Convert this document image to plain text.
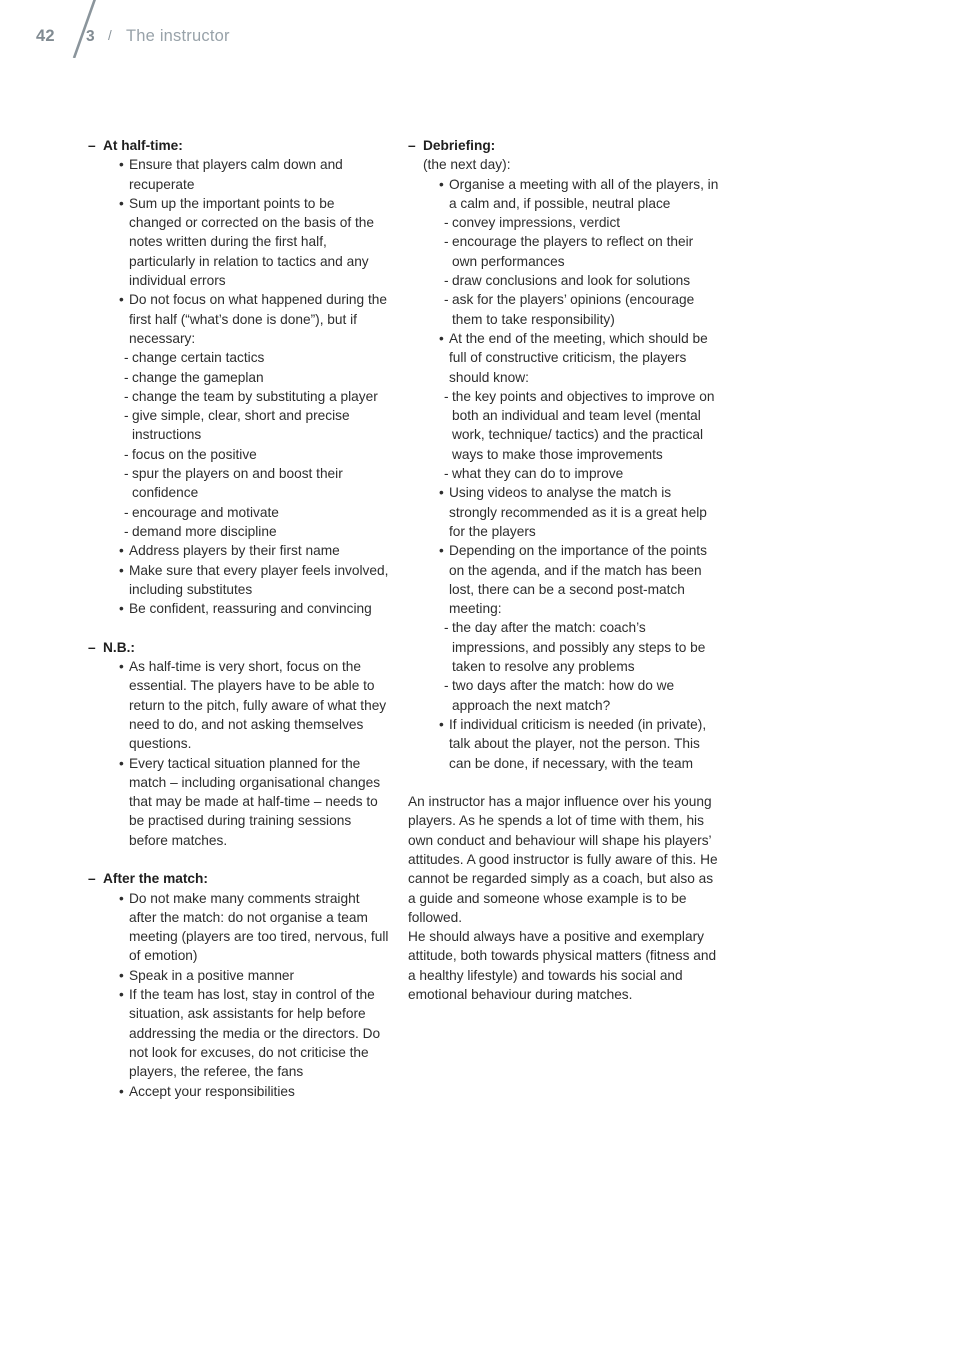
42 3 / The instructor
– At half-time:
• Ensure that players calm down and recuperate
• Sum up the important points to be changed or corrected on the basis of the notes written during the first half, particularly in relation to tactics and any individual errors
• Do not focus on what happened during the first half (“what’s done is done”), but if necessary:
- change certain tactics
- change the gameplan
- change the team by substituting a player
- give simple, clear, short and precise instructions
- focus on the positive
- spur the players on and boost their confidence
- encourage and motivate
- demand more discipline
• Address players by their first name
• Make sure that every player feels involved, including substitutes
• Be confident, reassuring and convincing
– N.B.:
• As half-time is very short, focus on the essential. The players have to be able to return to the pitch, fully aware of what they need to do, and not asking themselves questions.
• Every tactical situation planned for the match – including organisational changes that may be made at half-time – needs to be practised during training sessions before matches.
– After the match:
• Do not make many comments straight after the match: do not organise a team meeting (players are too tired, nervous, full of emotion)
• Speak in a positive manner
• If the team has lost, stay in control of the situation, ask assistants for help before addressing the media or the directors. Do not look for excuses, do not criticise the players, the referee, the fans
• Accept your responsibilities
– Debriefing:
(the next day):
• Organise a meeting with all of the players, in a calm and, if possible, neutral place
- convey impressions, verdict
- encourage the players to reflect on their own performances
- draw conclusions and look for solutions
- ask for the players’ opinions (encourage them to take responsibility)
• At the end of the meeting, which should be full of constructive criticism, the players should know:
- the key points and objectives to improve on both an individual and team level (mental work, technique/ tactics) and the practical ways to make those improvements
- what they can do to improve
• Using videos to analyse the match is strongly recommended as it is a great help for the players
• Depending on the importance of the points on the agenda, and if the match has been lost, there can be a second post-match meeting:
- the day after the match: coach’s impressions, and possibly any steps to be taken to resolve any problems
- two days after the match: how do we approach the next match?
• If individual criticism is needed (in private), talk about the player, not the person. This can be done, if necessary, with the team

An instructor has a major influence over his young players. As he spends a lot of time with them, his own conduct and behaviour will shape his players’ attitudes. A good instructor is fully aware of this. He cannot be regarded simply as a coach, but also as a guide and someone whose example is to be followed.

He should always have a positive and exemplary attitude, both towards physical matters (fitness and a healthy lifestyle) and towards his social and emotional behaviour during matches.
